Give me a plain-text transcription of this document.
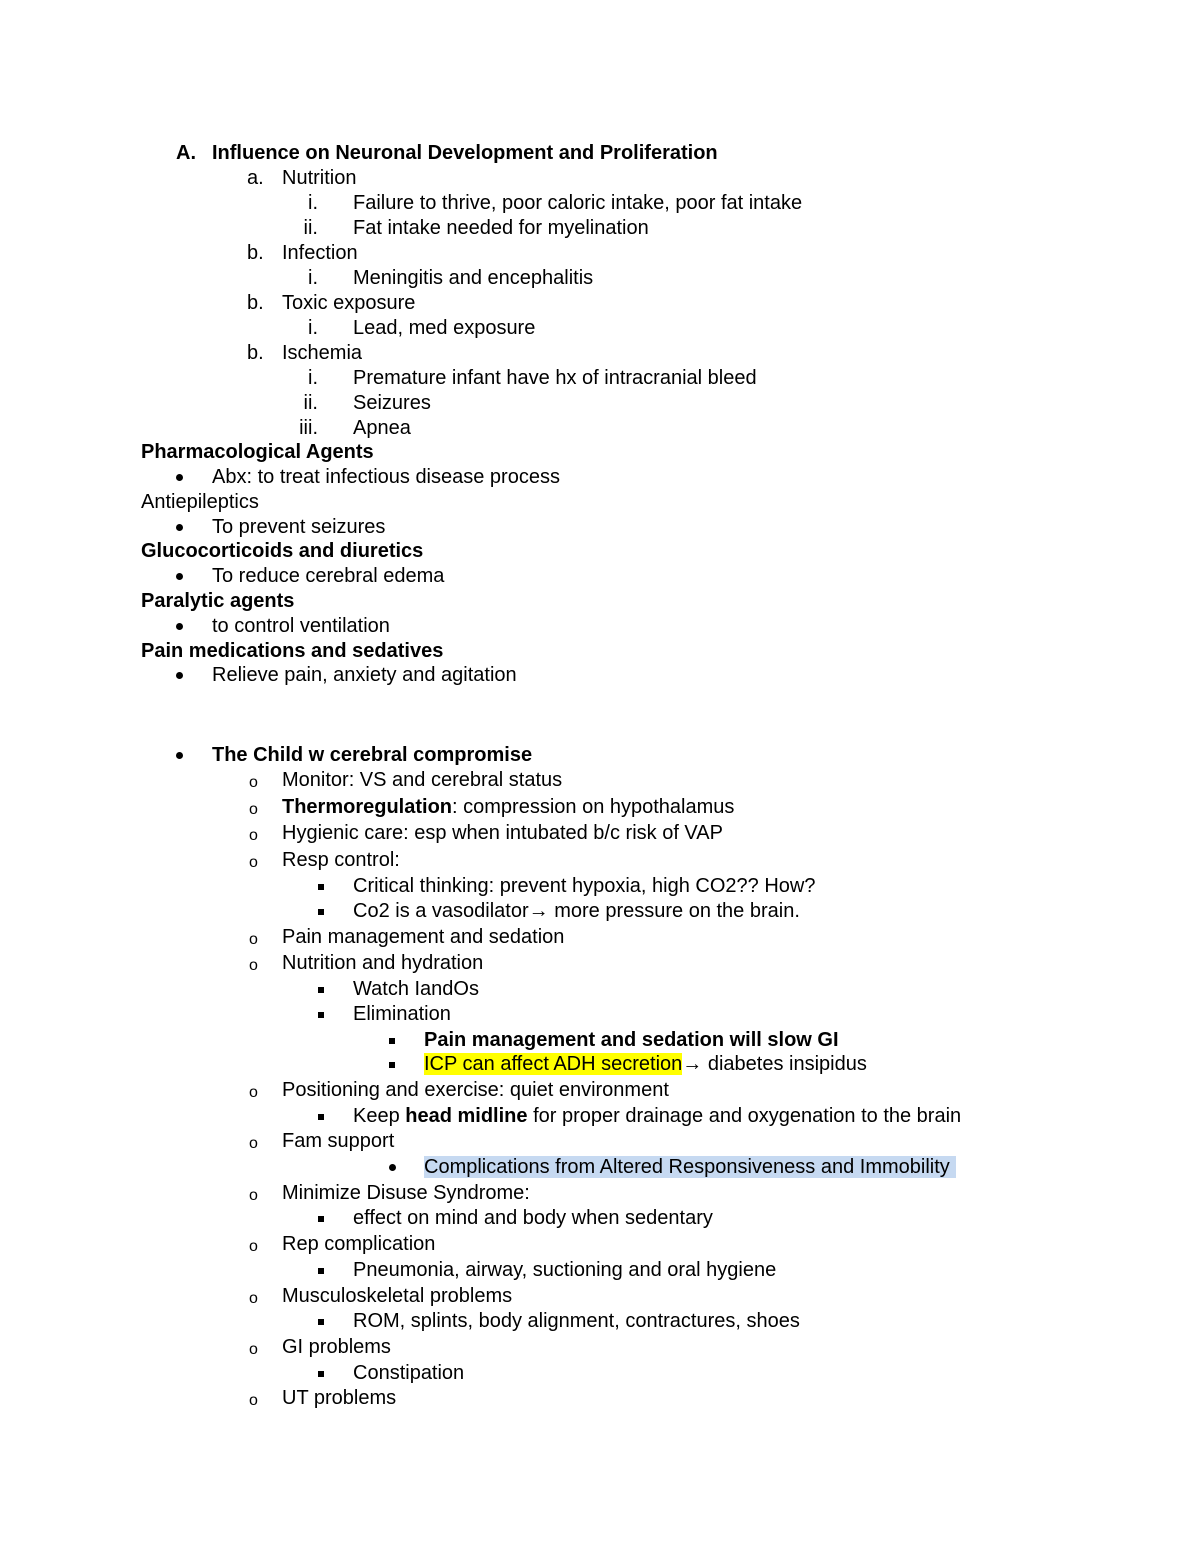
A. Influence on Neuronal Development and Proliferation
a. Nutrition
i. Failure to thrive, poor caloric intake, poor fat intake
ii. Fat intake needed for myelination
b. Infection
i. Meningitis and encephalitis
b. Toxic exposure
i. Lead, med exposure
b. Ischemia
i. Premature infant have hx of intracranial bleed
ii. Seizures
iii. Apnea
Pharmacological Agents
Abx: to treat infectious disease process
Antiepileptics
To prevent seizures
Glucocorticoids and diuretics
To reduce cerebral edema
Paralytic agents
to control ventilation
Pain medications and sedatives
Relieve pain, anxiety and agitation
The Child w cerebral compromise
o Monitor: VS and cerebral status
o Thermoregulation: compression on hypothalamus
o Hygienic care: esp when intubated b/c risk of VAP
o Resp control:
Critical thinking: prevent hypoxia, high CO2?? How?
Co2 is a vasodilator→ more pressure on the brain.
o Pain management and sedation
o Nutrition and hydration
Watch IandOs
Elimination
Pain management and sedation will slow GI
ICP can affect ADH secretion→ diabetes insipidus
o Positioning and exercise: quiet environment
Keep head midline for proper drainage and oxygenation to the brain
o Fam support
Complications from Altered Responsiveness and Immobility
o Minimize Disuse Syndrome:
effect on mind and body when sedentary
o Rep complication
Pneumonia, airway, suctioning and oral hygiene
o Musculoskeletal problems
ROM, splints, body alignment, contractures, shoes
o GI problems
Constipation
o UT problems
